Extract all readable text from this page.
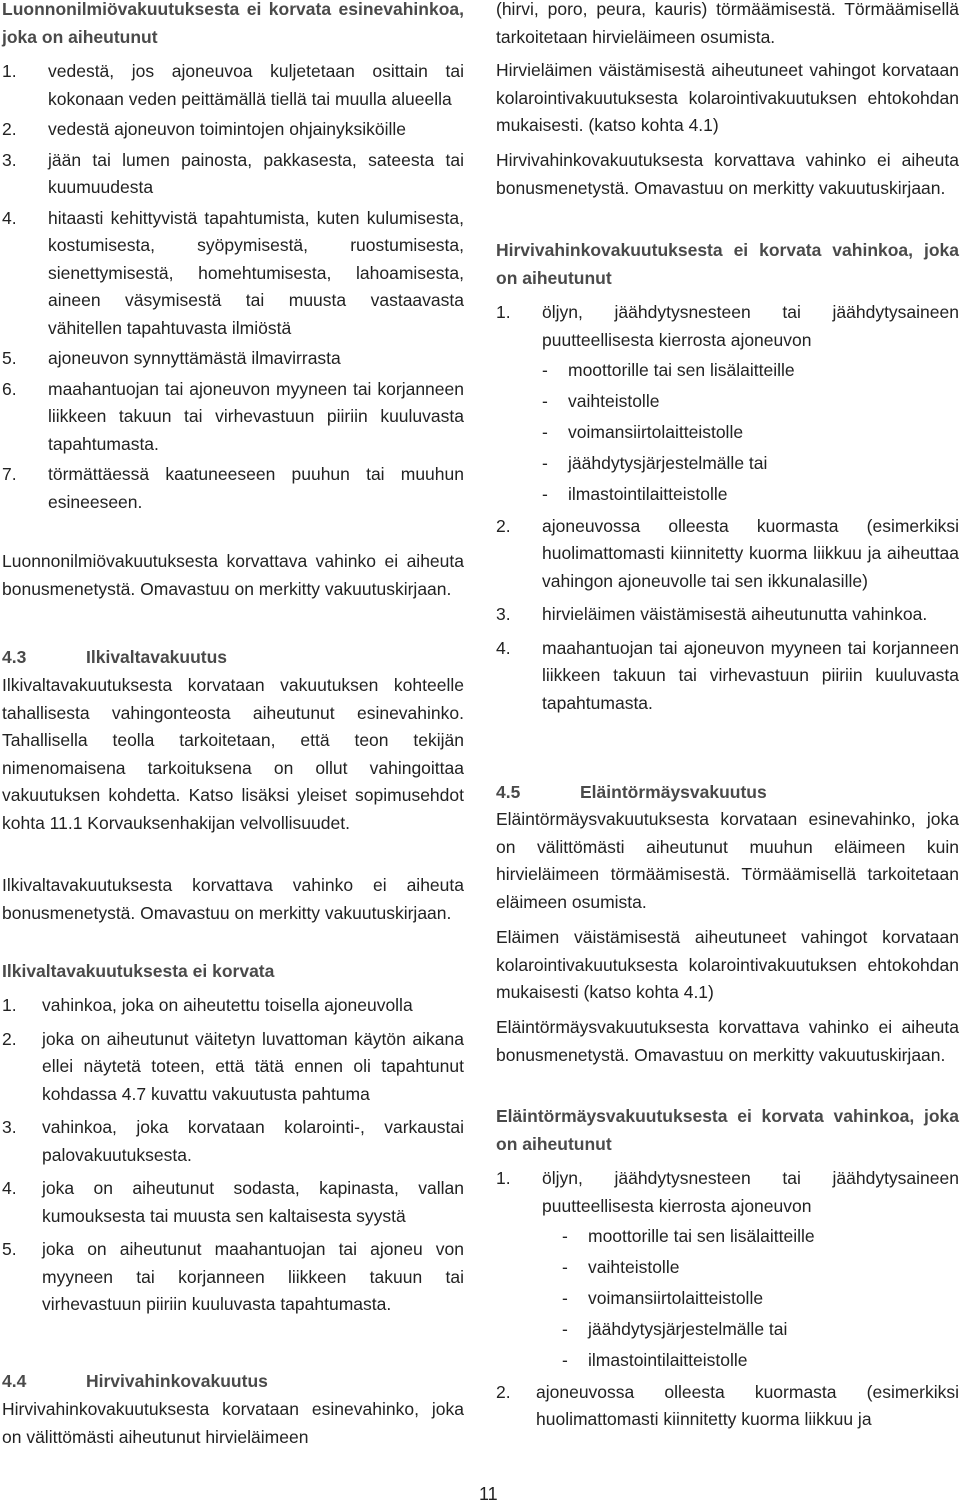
Luonnonilmiövakuutuksesta ei korvata esinevahinkoa, joka on aiheutunut

1.	vedestä, jos ajoneuvoa kuljetetaan osittain tai kokonaan veden peittämällä tiellä tai muulla alueella
2.	vedestä ajoneuvon toimintojen ohjainyksiköille
3.	jään tai lumen painosta, pakkasesta, sateesta tai kuumuudesta
4.	hitaasti kehittyvistä tapahtumista, kuten kulumisesta, kostumisesta, syöpymisestä, ruostumisesta, sienettymisestä, homehtumisesta, lahoamisesta, aineen väsymisestä tai muusta vastaavasta vähitellen tapahtuvasta ilmiöstä
5.	ajoneuvon synnyttämästä ilmavirrasta
6.	maahantuojan tai ajoneuvon myyneen tai korjanneen liikkeen takuun tai virhevastuun piiriin kuuluvasta tapahtumasta.
7.	törmättäessä kaatuneeseen puuhun tai muuhun esineeseen.

Luonnonilmiövakuutuksesta korvattava vahinko ei aiheuta bonusmenetystä. Omavastuu on merkitty vakuutuskirjaan.

4.3	Ilkivaltavakuutus

Ilkivaltavakuutuksesta korvataan vakuutuksen kohteelle tahallisesta vahingonteosta aiheutunut esinevahinko. Tahallisella teolla tarkoitetaan, että teon tekijän nimenomaisena tarkoituksena on ollut vahingoittaa vakuutuksen kohdetta. Katso lisäksi yleiset sopimusehdot kohta 11.1 Korvauksenhakijan velvollisuudet.

Ilkivaltavakuutuksesta korvattava vahinko ei aiheuta bonusmenetystä. Omavastuu on merkitty vakuutuskirjaan.

Ilkivaltavakuutuksesta ei korvata

1.	vahinkoa, joka on aiheutettu toisella ajoneuvolla
2.	joka on aiheutunut väitetyn luvattoman käytön aikana ellei näytetä toteen, että tätä ennen oli tapahtunut kohdassa 4.7 kuvattu vakuutusta pahtuma
3.	vahinkoa, joka korvataan kolarointi-, varkaustai palovakuutuksesta.
4.	joka on aiheutunut sodasta, kapinasta, vallan kumouksesta tai muusta sen kaltaisesta syystä
5.	joka on aiheutunut maahantuojan tai ajoneu von myyneen tai korjanneen liikkeen takuun tai virhevastuun piiriin kuuluvasta tapahtumasta.
4.4	Hirvivahinkovakuutus

Hirvivahinkovakuutuksesta korvataan esinevahinko, joka on välittömästi aiheutunut hirvieläimeen

(hirvi, poro, peura, kauris) törmäämisestä. Törmäämisellä tarkoitetaan hirvieläimeen osumista.

Hirvieläimen väistämisestä aiheutuneet vahingot korvataan kolarointivakuutuksesta kolarointivakuutuksen ehtokohdan mukaisesti. (katso kohta 4.1)

Hirvivahinkovakuutuksesta korvattava vahinko ei aiheuta bonusmenetystä. Omavastuu on merkitty vakuutuskirjaan.

Hirvivahinkovakuutuksesta ei korvata vahinkoa, joka on aiheutunut

1.	öljyn, jäähdytysnesteen tai jäähdytysaineen puutteellisesta kierrosta ajoneuvon
-	moottorille tai sen lisälaitteille
-	vaihteistolle
-	voimansiirtolaitteistolle
-	jäähdytysjärjestelmälle tai
-	ilmastointilaitteistolle
2.	ajoneuvossa olleesta kuormasta (esimerkiksi huolimattomasti kiinnitetty kuorma liikkuu ja aiheuttaa vahingon ajoneuvolle tai sen ikkunalasille)
3.	hirvieläimen väistämisestä aiheutunutta vahinkoa.
4.	maahantuojan tai ajoneuvon myyneen tai korjanneen liikkeen takuun tai virhevastuun piiriin kuuluvasta tapahtumasta.
4.5	Eläintörmäysvakuutus

Eläintörmäysvakuutuksesta korvataan esinevahinko, joka on välittömästi aiheutunut muuhun eläimeen kuin hirvieläimeen törmäämisestä. Törmäämisellä tarkoitetaan eläimeen osumista.

Eläimen väistämisestä aiheutuneet vahingot korvataan kolarointivakuutuksesta kolarointivakuutuksen ehtokohdan mukaisesti (katso kohta 4.1)

Eläintörmäysvakuutuksesta korvattava vahinko ei aiheuta bonusmenetystä. Omavastuu on merkitty vakuutuskirjaan.

Eläintörmäysvakuutuksesta ei korvata vahinkoa, joka on aiheutunut

1.	öljyn, jäähdytysnesteen tai jäähdytysaineen puutteellisesta kierrosta ajoneuvon
-	moottorille tai sen lisälaitteille
-	vaihteistolle
-	voimansiirtolaitteistolle
-	jäähdytysjärjestelmälle tai
-	ilmastointilaitteistolle
2.	ajoneuvossa olleesta kuormasta (esimerkiksi huolimattomasti kiinnitetty kuorma liikkuu ja
11
